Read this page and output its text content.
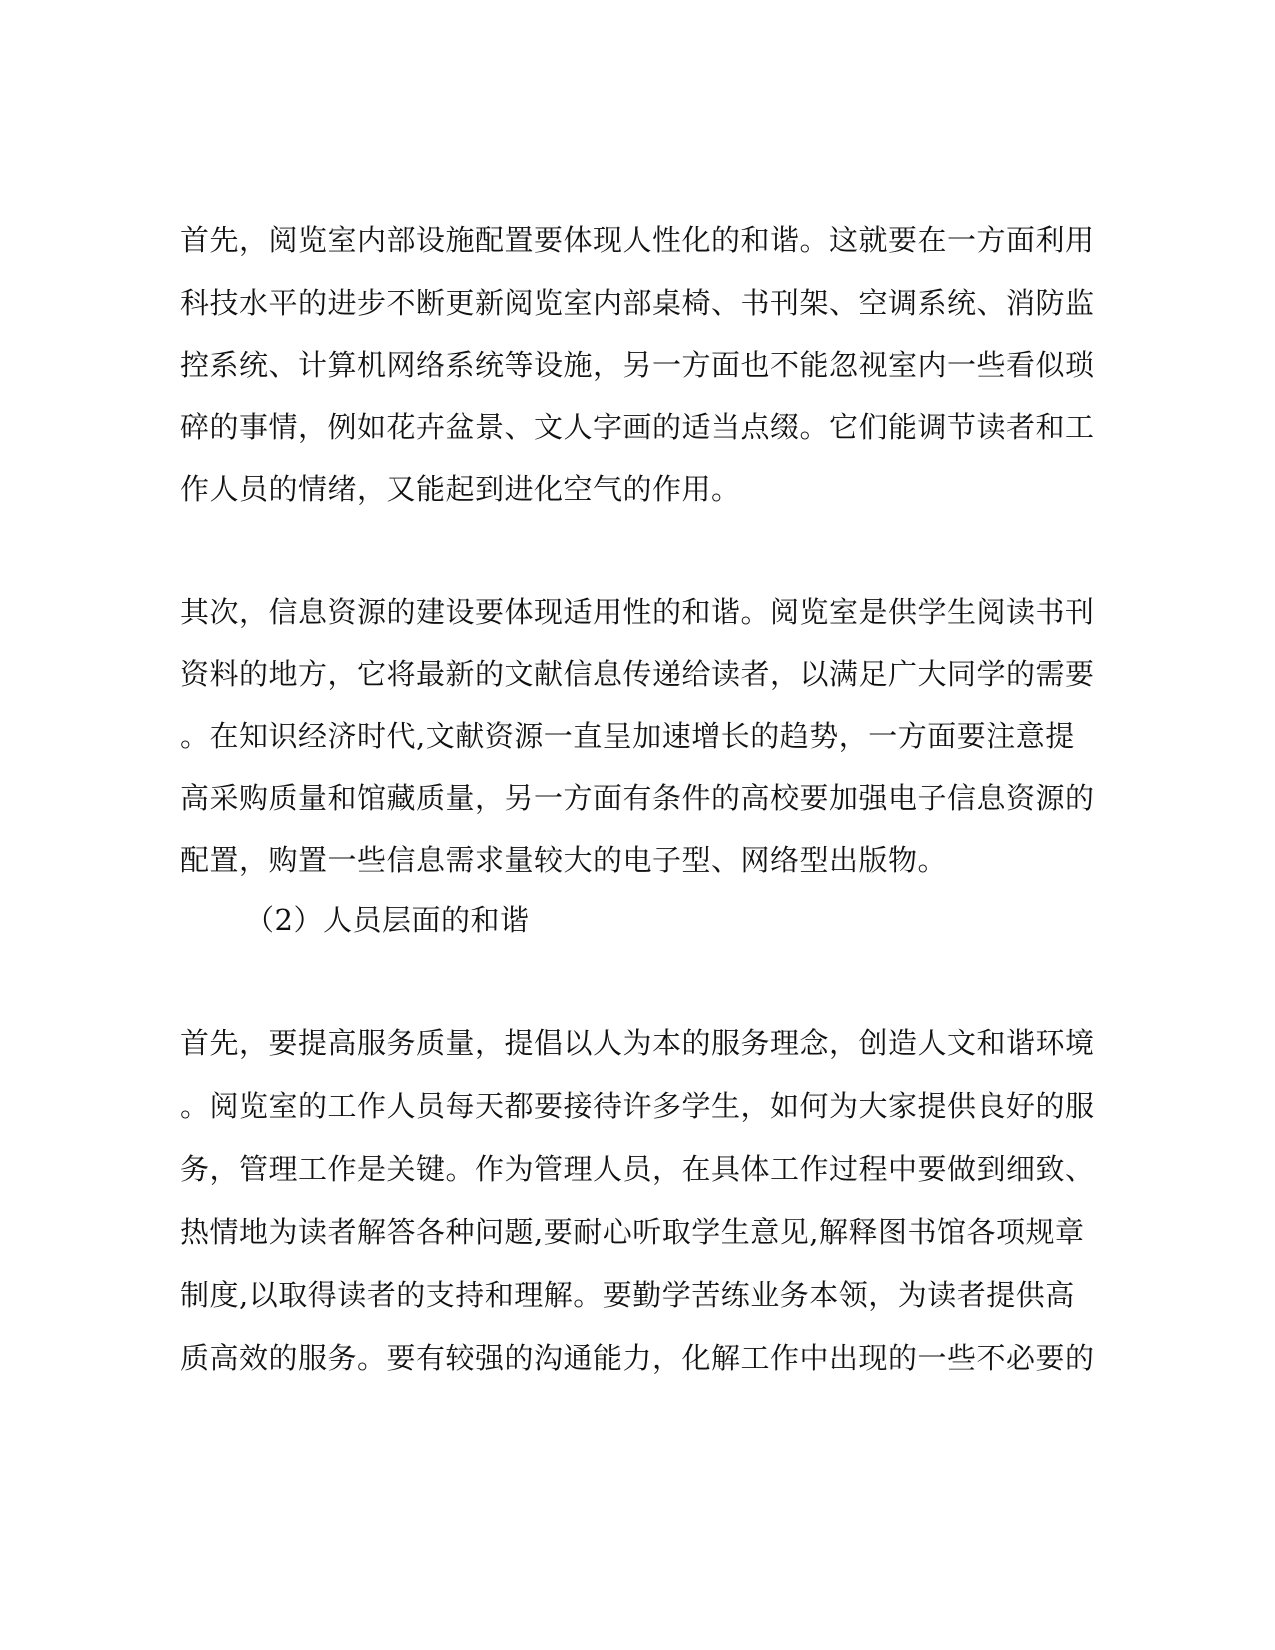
首先，阅览室内部设施配置要体现人性化的和谐。这就要在一方面利用
科技水平的进步不断更新阅览室内部桌椅、书刊架、空调系统、消防监
控系统、计算机网络系统等设施，另一方面也不能忽视室内一些看似琐
碎的事情，例如花卉盆景、文人字画的适当点缀。它们能调节读者和工
作人员的情绪，又能起到进化空气的作用。
其次，信息资源的建设要体现适用性的和谐。阅览室是供学生阅读书刊
资料的地方，它将最新的文献信息传递给读者，以满足广大同学的需要
。在知识经济时代,文献资源一直呈加速增长的趋势，一方面要注意提
高采购质量和馆藏质量，另一方面有条件的高校要加强电子信息资源的
配置，购置一些信息需求量较大的电子型、网络型出版物。
（2）人员层面的和谐
首先，要提高服务质量，提倡以人为本的服务理念，创造人文和谐环境
。阅览室的工作人员每天都要接待许多学生，如何为大家提供良好的服
务，管理工作是关键。作为管理人员，在具体工作过程中要做到细致、
热情地为读者解答各种问题,要耐心听取学生意见,解释图书馆各项规章
制度,以取得读者的支持和理解。要勤学苦练业务本领，为读者提供高
质高效的服务。要有较强的沟通能力，化解工作中出现的一些不必要的
